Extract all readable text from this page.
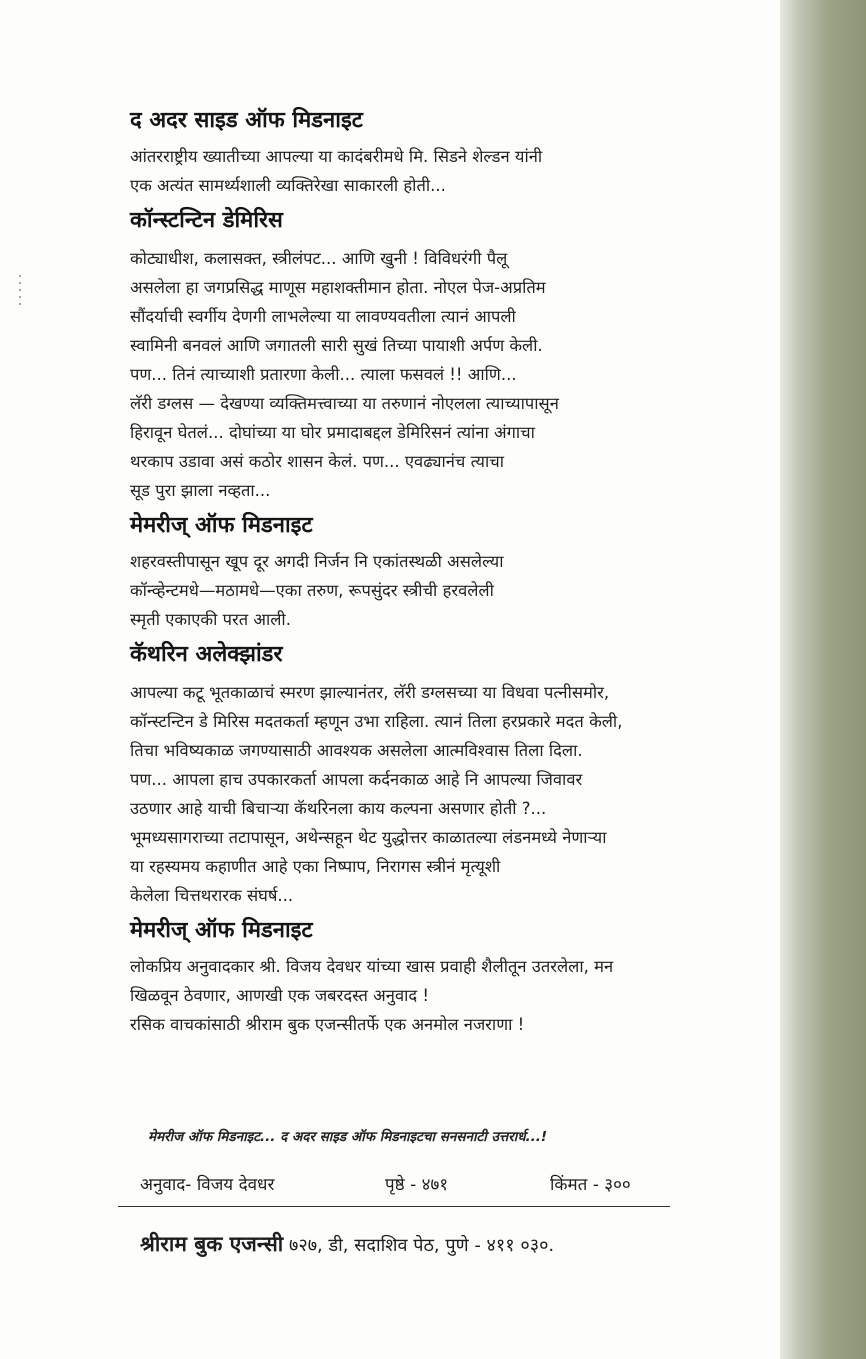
द अदर साइड ऑफ मिडनाइट
आंतरराष्ट्रीय ख्यातीच्या आपल्या या कादंबरीमधे मि. सिडने शेल्डन यांनी
एक अत्यंत सामर्थ्यशाली व्यक्तिरेखा साकारली होती...
कॉन्स्टन्टिन डेमिरिस
कोट्याधीश, कलासक्त, स्त्रीलंपट... आणि खुनी ! विविधरंगी पैलू
असलेला हा जगप्रसिद्ध माणूस महाशक्तीमान होता. नोएल पेज-अप्रतिम
सौंदर्याची स्वर्गीय देणगी लाभलेल्या या लावण्यवतीला त्यानं आपली
स्वामिनी बनवलं आणि जगातली सारी सुखं तिच्या पायाशी अर्पण केली.
पण... तिनं त्याच्याशी प्रतारणा केली... त्याला फसवलं !! आणि...
लॅरी डग्लस — देखण्या व्यक्तिमत्त्वाच्या या तरुणानं नोएलला त्याच्यापासून
हिरावून घेतलं... दोघांच्या या घोर प्रमादाबद्दल डेमिरिसनं त्यांना अंगाचा
थरकाप उडावा असं कठोर शासन केलं. पण... एवढ्यानंच त्याचा
सूड पुरा झाला नव्हता...
मेमरीज् ऑफ मिडनाइट
शहरवस्तीपासून खूप दूर अगदी निर्जन नि एकांतस्थळी असलेल्या
कॉन्व्हेन्टमधे—मठामधे—एका तरुण, रूपसुंदर स्त्रीची हरवलेली
स्मृती एकाएकी परत आली.
कॅथरिन अलेक्झांडर
आपल्या कटू भूतकाळाचं स्मरण झाल्यानंतर, लॅरी डग्लसच्या या विधवा पत्नीसमोर,
कॉन्स्टन्टिन डे मिरिस मदतकर्ता म्हणून उभा राहिला. त्यानं तिला हरप्रकारे मदत केली,
तिचा भविष्यकाळ जगण्यासाठी आवश्यक असलेला आत्मविश्वास तिला दिला.
पण... आपला हाच उपकारकर्ता आपला कर्दनकाळ आहे नि आपल्या जिवावर
उठणार आहे याची बिचाऱ्या कॅथरिनला काय कल्पना असणार होती ?...
भूमध्यसागराच्या तटापासून, अथेन्सहून थेट युद्धोत्तर काळातल्या लंडनमध्ये नेणाऱ्या
या रहस्यमय कहाणीत आहे एका निष्पाप, निरागस स्त्रीनं मृत्यूशी
केलेला चित्तथरारक संघर्ष...
मेमरीज् ऑफ मिडनाइट
लोकप्रिय अनुवादकार श्री. विजय देवधर यांच्या खास प्रवाही शैलीतून उतरलेला, मन
खिळवून ठेवणार, आणखी एक जबरदस्त अनुवाद !
रसिक वाचकांसाठी श्रीराम बुक एजन्सीतर्फे एक अनमोल नजराणा !
मेमरीज ऑफ मिडनाइट... द अदर साइड ऑफ मिडनाइटचा सनसनाटी उत्तरार्ध...!
अनुवाद- विजय देवधर	पृष्ठे - ४७१	किंमत - ३००
श्रीराम बुक एजन्सी ७२७, डी, सदाशिव पेठ, पुणे - ४११ ०३०.
